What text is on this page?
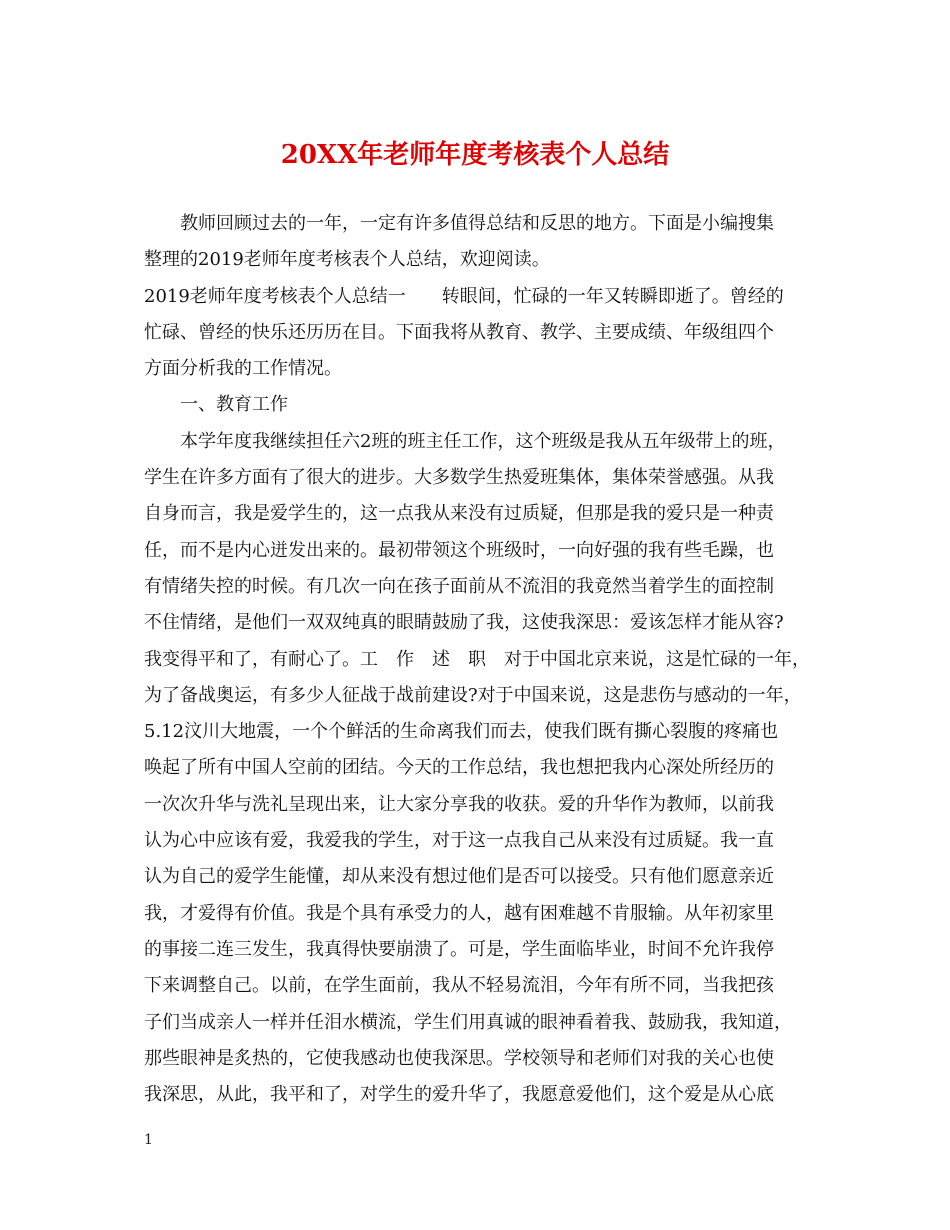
20XX年老师年度考核表个人总结
教师回顾过去的一年，一定有许多值得总结和反思的地方。下面是小编搜集
整理的2019老师年度考核表个人总结，欢迎阅读。
2019老师年度考核表个人总结一　　转眼间，忙碌的一年又转瞬即逝了。曾经的
忙碌、曾经的快乐还历历在目。下面我将从教育、教学、主要成绩、年级组四个
方面分析我的工作情况。
一、教育工作
本学年度我继续担任六2班的班主任工作，这个班级是我从五年级带上的班，
学生在许多方面有了很大的进步。大多数学生热爱班集体，集体荣誉感强。从我
自身而言，我是爱学生的，这一点我从来没有过质疑，但那是我的爱只是一种责
任，而不是内心迸发出来的。最初带领这个班级时，一向好强的我有些毛躁，也
有情绪失控的时候。有几次一向在孩子面前从不流泪的我竟然当着学生的面控制
不住情绪，是他们一双双纯真的眼睛鼓励了我，这使我深思：爱该怎样才能从容?
我变得平和了，有耐心了。工　作　述　职　对于中国北京来说，这是忙碌的一年，
为了备战奥运，有多少人征战于战前建设?对于中国来说，这是悲伤与感动的一年，
5.12汶川大地震，一个个鲜活的生命离我们而去，使我们既有撕心裂腹的疼痛也
唤起了所有中国人空前的团结。今天的工作总结，我也想把我内心深处所经历的
一次次升华与洗礼呈现出来，让大家分享我的收获。爱的升华作为教师，以前我
认为心中应该有爱，我爱我的学生，对于这一点我自己从来没有过质疑。我一直
认为自己的爱学生能懂，却从来没有想过他们是否可以接受。只有他们愿意亲近
我，才爱得有价值。我是个具有承受力的人，越有困难越不肯服输。从年初家里
的事接二连三发生，我真得快要崩溃了。可是，学生面临毕业，时间不允许我停
下来调整自己。以前，在学生面前，我从不轻易流泪，今年有所不同，当我把孩
子们当成亲人一样并任泪水横流，学生们用真诚的眼神看着我、鼓励我，我知道，
那些眼神是炙热的，它使我感动也使我深思。学校领导和老师们对我的关心也使
我深思，从此，我平和了，对学生的爱升华了，我愿意爱他们，这个爱是从心底
1
